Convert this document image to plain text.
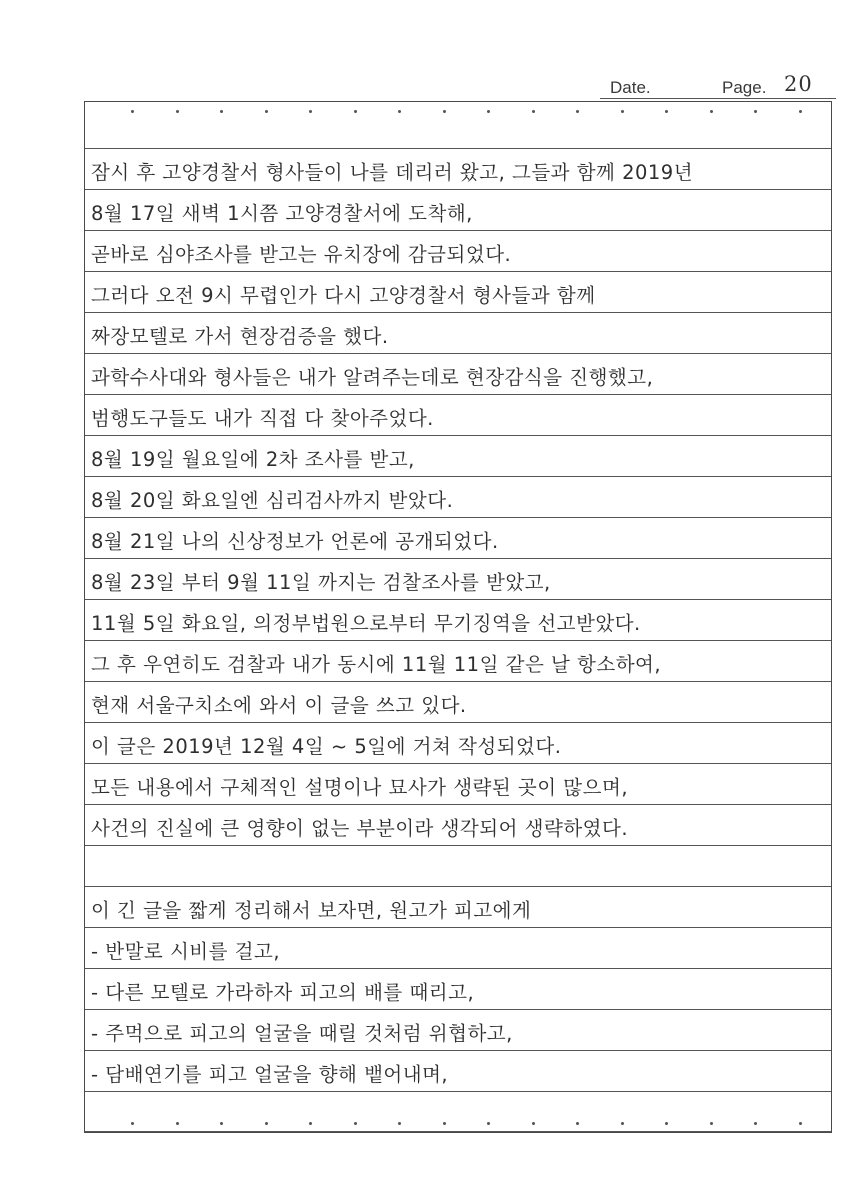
Date.	Page. 20
잠시 후 고양경찰서 형사들이 나를 데리러 왔고, 그들과 함께 2019년
8월 17일 새벽 1시쯤 고양경찰서에 도착해,
곧바로 심야조사를 받고는 유치장에 감금되었다.
그러다 오전 9시 무렵인가 다시 고양경찰서 형사들과 함께
짜장모텔로 가서 현장검증을 했다.
과학수사대와 형사들은 내가 알려주는데로 현장감식을 진행했고,
범행도구들도 내가 직접 다 찾아주었다.
8월 19일 월요일에 2차 조사를 받고,
8월 20일 화요일엔 심리검사까지 받았다.
8월 21일 나의 신상정보가 언론에 공개되었다.
8월 23일 부터 9월 11일 까지는 검찰조사를 받았고,
11월 5일 화요일, 의정부법원으로부터 무기징역을 선고받았다.
그 후 우연히도 검찰과 내가 동시에 11월 11일 같은 날 항소하여,
현재 서울구치소에 와서 이 글을 쓰고 있다.
이 글은 2019년 12월 4일 ~ 5일에 거쳐 작성되었다.
모든 내용에서 구체적인 설명이나 묘사가 생략된 곳이 많으며,
사건의 진실에 큰 영향이 없는 부분이라 생각되어 생략하였다.
이 긴 글을 짧게 정리해서 보자면, 원고가 피고에게
- 반말로 시비를 걸고,
- 다른 모텔로 가라하자 피고의 배를 때리고,
- 주먹으로 피고의 얼굴을 때릴 것처럼 위협하고,
- 담배연기를 피고 얼굴을 향해 뱉어내며,
